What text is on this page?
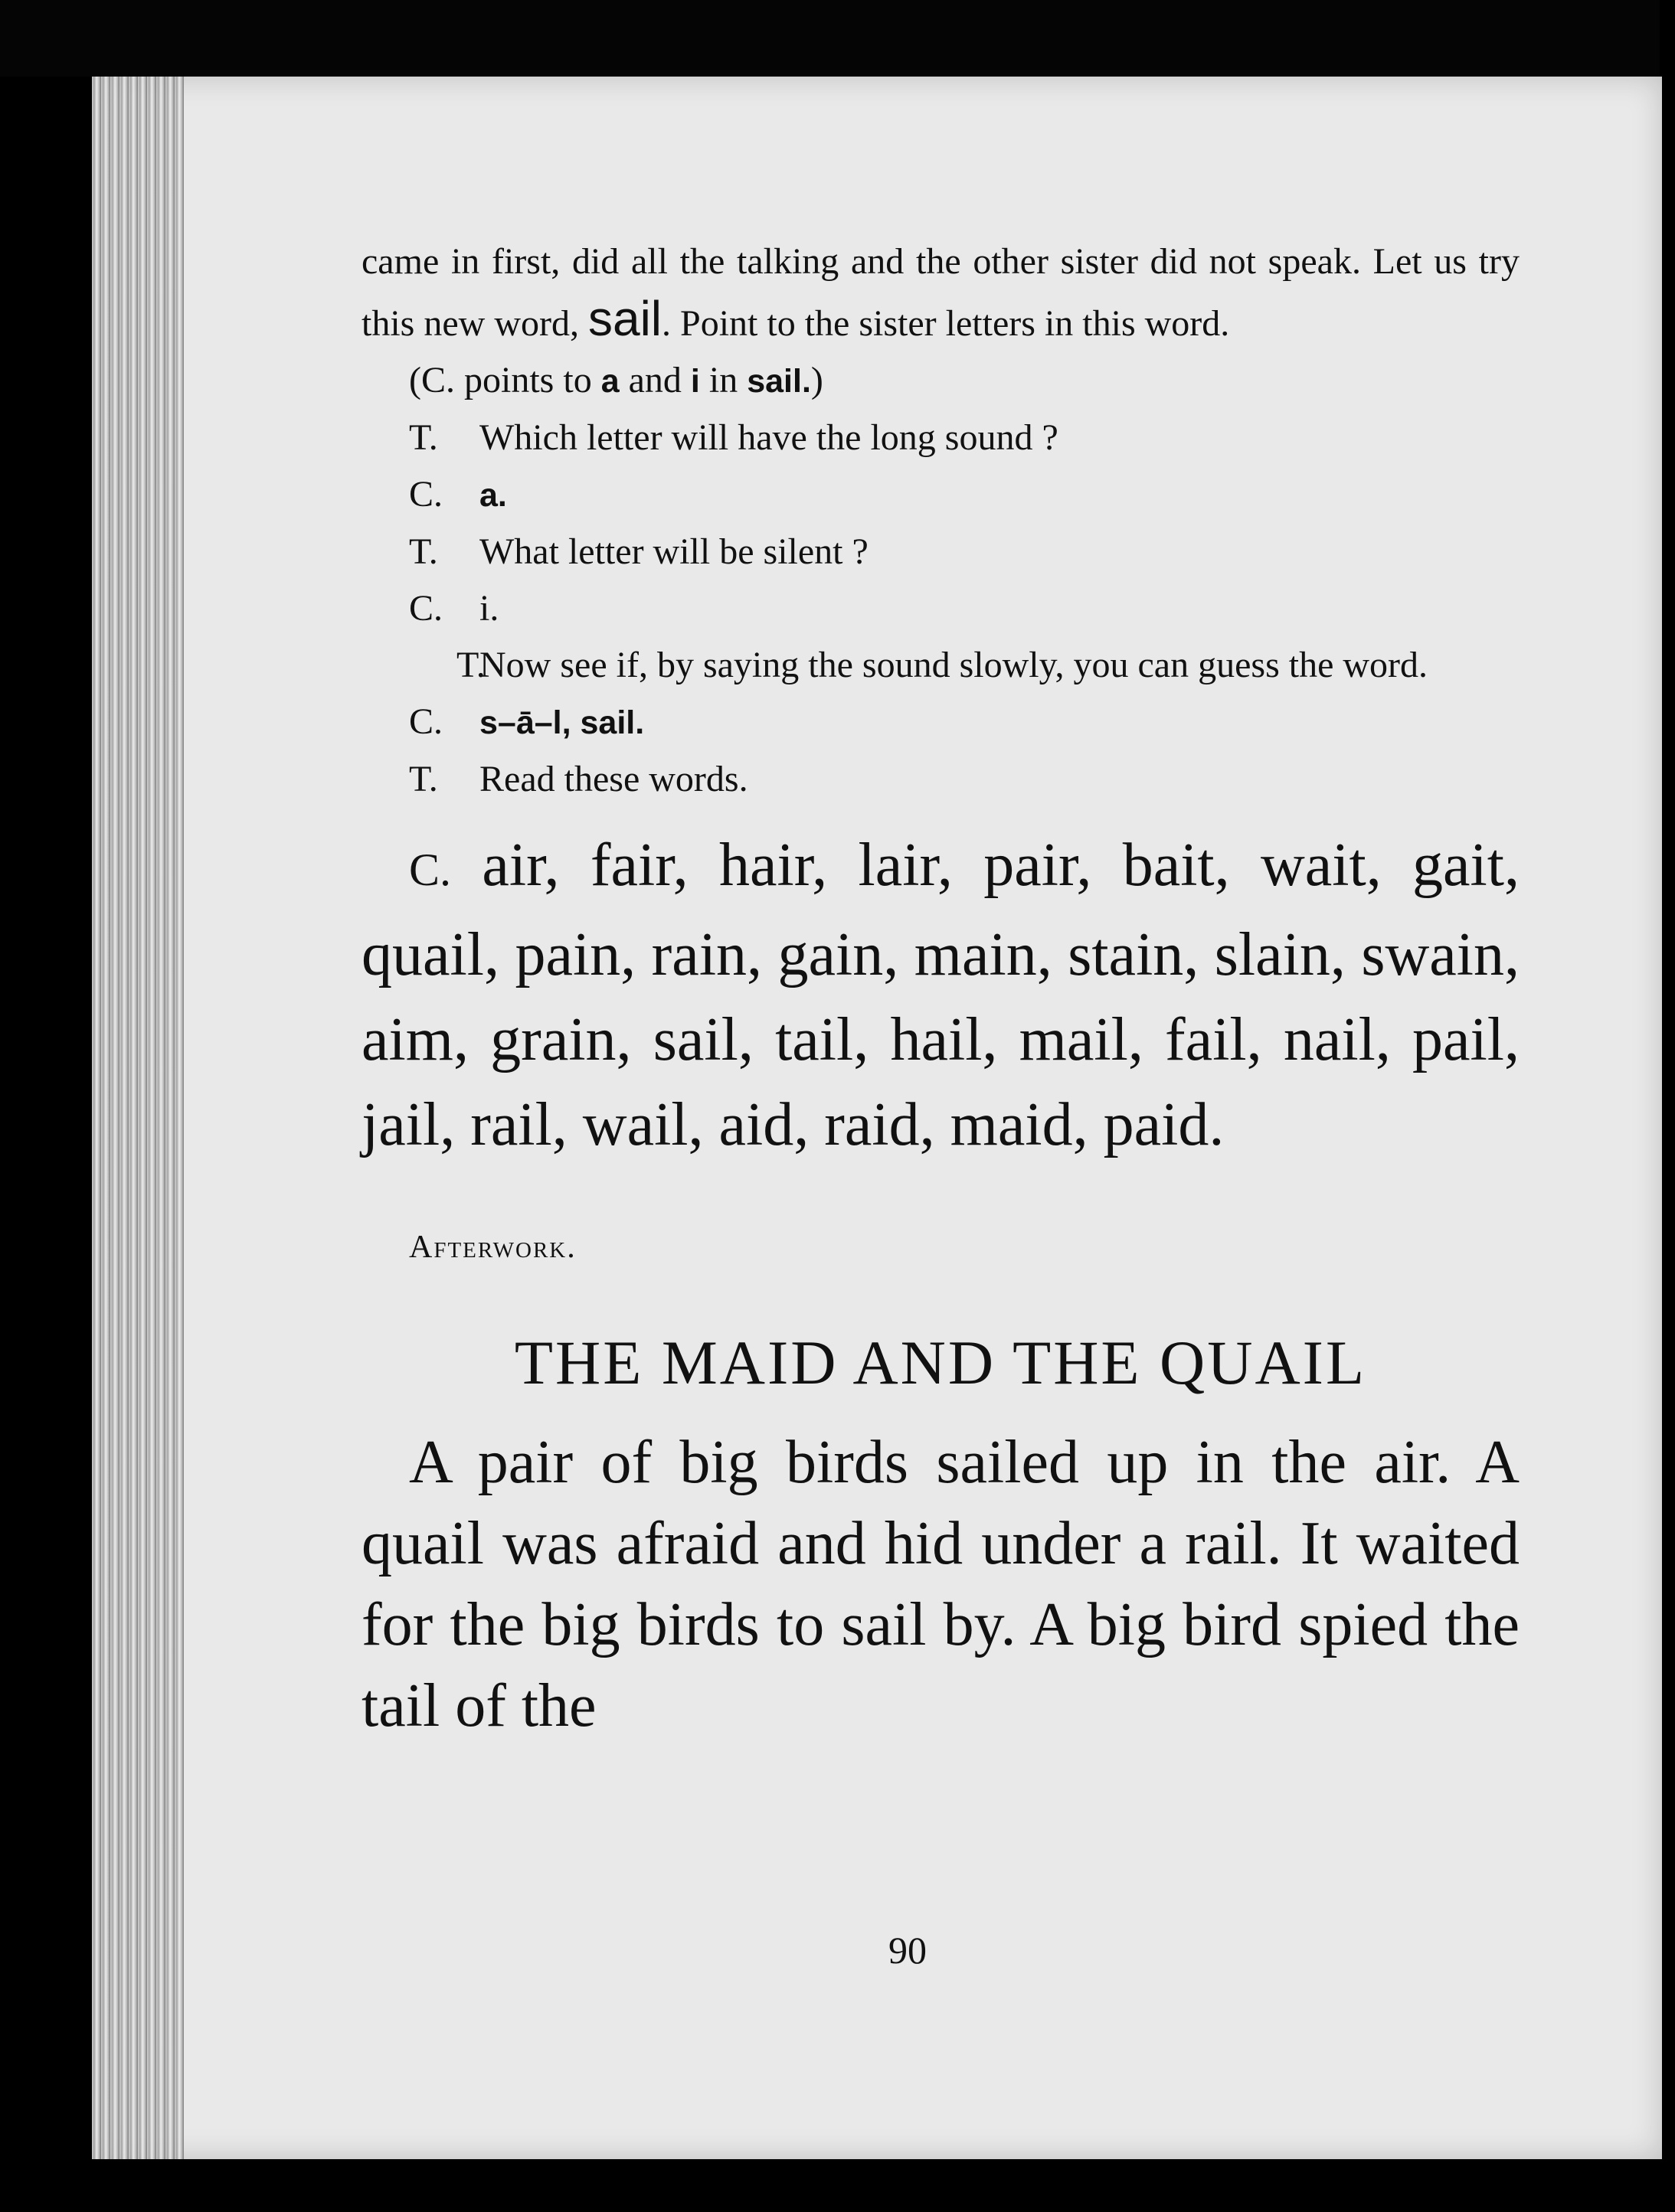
came in first, did all the talking and the other sister did not speak. Let us try this new word, sail. Point to the sister letters in this word.

(C. points to a and i in sail.)

T. Which letter will have the long sound ?

C. a.

T. What letter will be silent ?

C. i.

T.Now see if, by saying the sound slowly, you can guess the word.

C. s–ā–l, sail.

T. Read these words.

C. air, fair, hair, lair, pair, bait, wait, gait, quail, pain, rain, gain, main, stain, slain, swain, aim, grain, sail, tail, hail, mail, fail, nail, pail, jail, rail, wail, aid, raid, maid, paid.

Afterwork.

THE MAID AND THE QUAIL

A pair of big birds sailed up in the air. A quail was afraid and hid under a rail. It waited for the big birds to sail by. A big bird spied the tail of the

90
